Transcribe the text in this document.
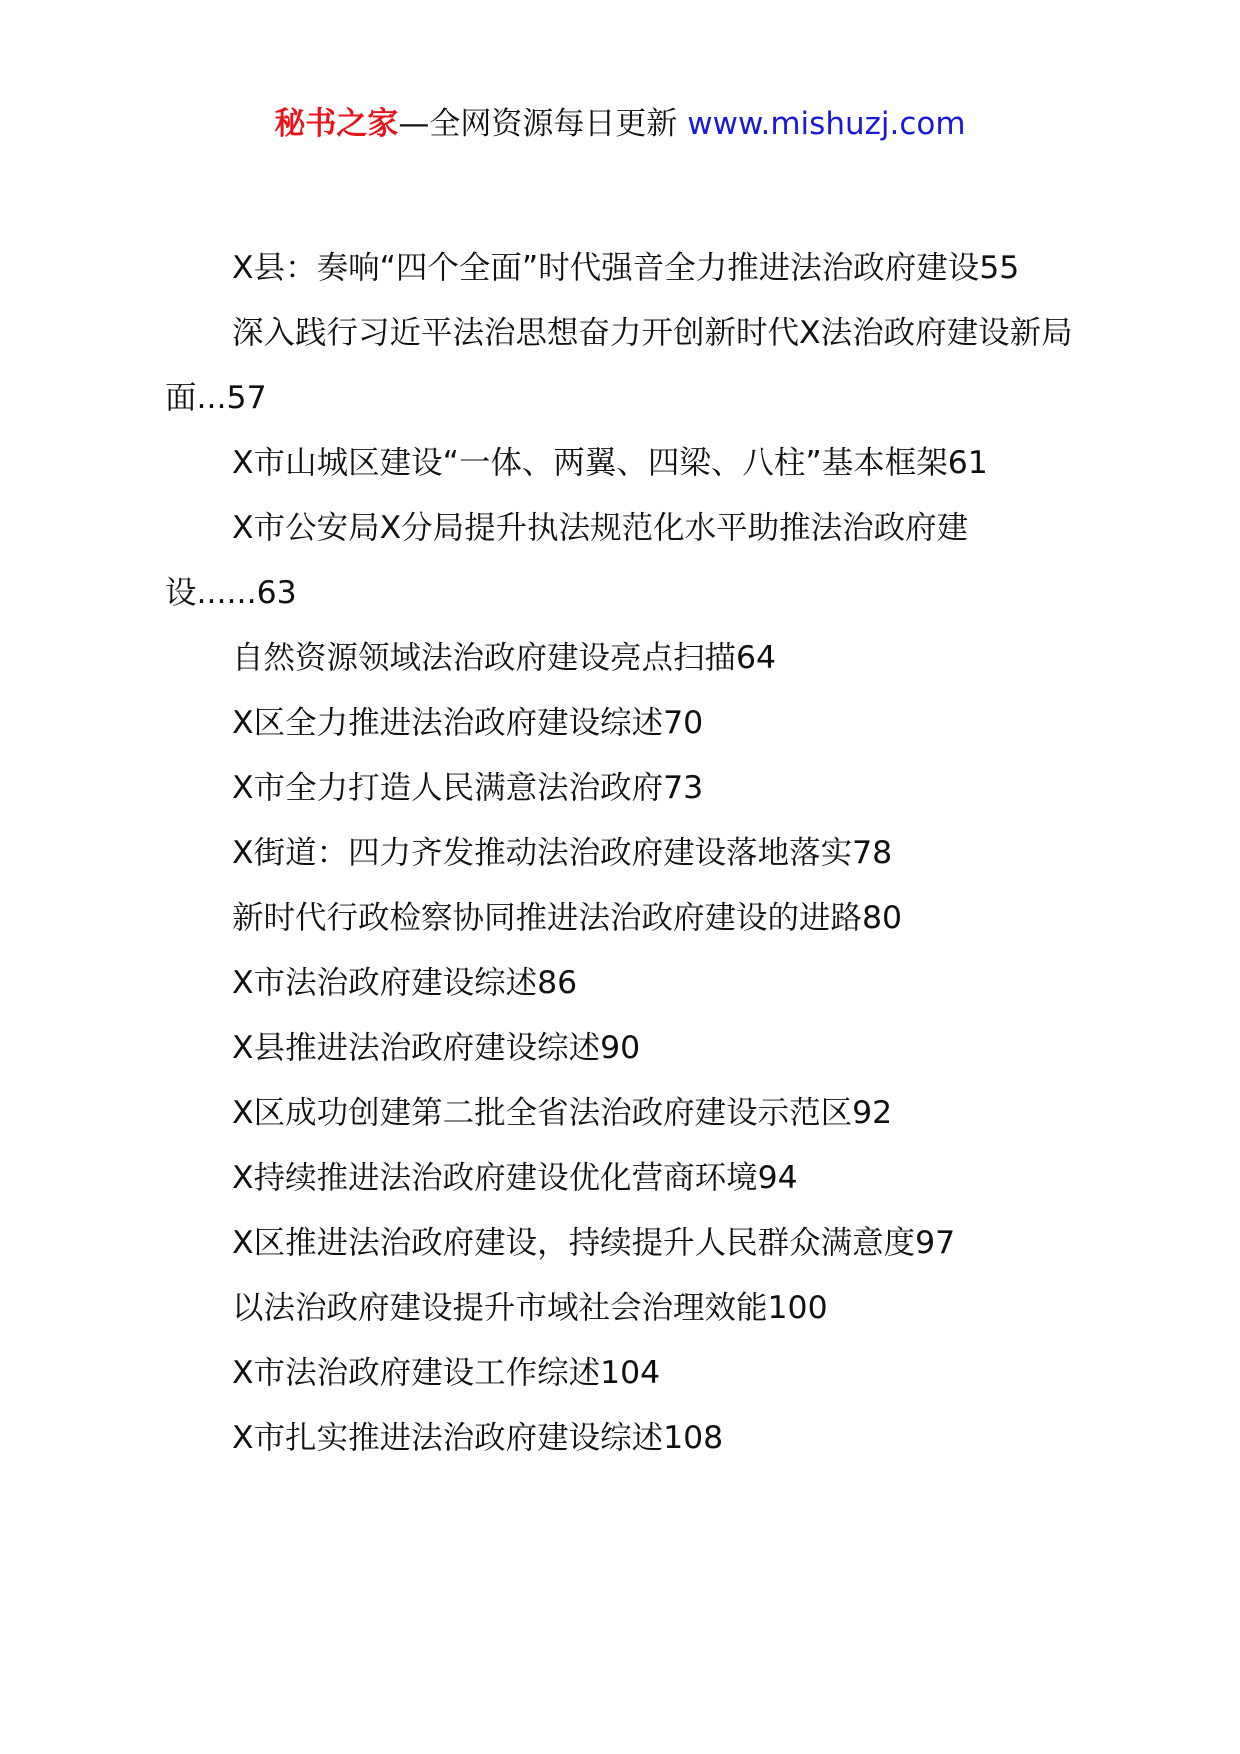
秘书之家—全网资源每日更新 www.mishuzj.com

X县：奏响“四个全面”时代强音全力推进法治政府建设55

深入践行习近平法治思想奋力开创新时代X法治政府建设新局面...57

X市山城区建设“一体、两翼、四梁、八柱”基本框架61

X市公安局X分局提升执法规范化水平助推法治政府建设......63

自然资源领域法治政府建设亮点扫描64

X区全力推进法治政府建设综述70

X市全力打造人民满意法治政府73

X街道：四力齐发推动法治政府建设落地落实78

新时代行政检察协同推进法治政府建设的进路80

X市法治政府建设综述86

X县推进法治政府建设综述90

X区成功创建第二批全省法治政府建设示范区92

X持续推进法治政府建设优化营商环境94

X区推进法治政府建设，持续提升人民群众满意度97

以法治政府建设提升市域社会治理效能100

X市法治政府建设工作综述104

X市扎实推进法治政府建设综述108
